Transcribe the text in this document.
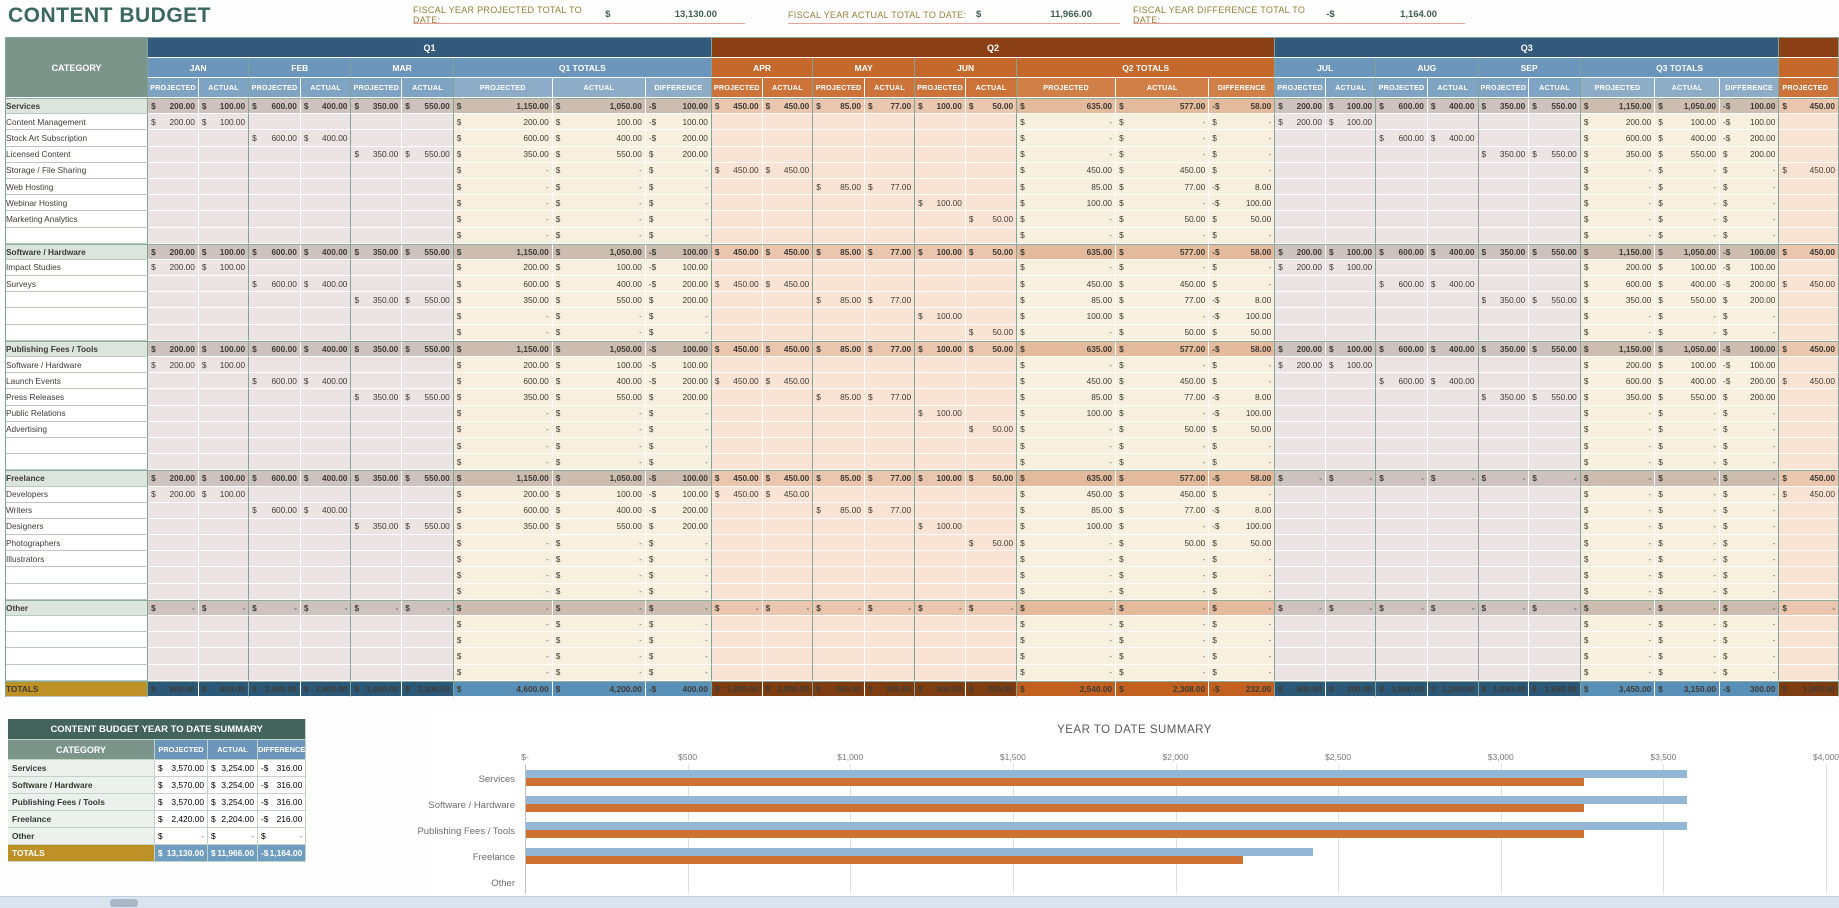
CONTENT BUDGET	FISCAL YEAR PROJECTED TOTAL TO DATE:	$	13,130.00	FISCAL YEAR ACTUAL TOTAL TO DATE:	$	11,966.00	FISCAL YEAR DIFFERENCE TOTAL TO DATE:	-$	1,164.00
CATEGORY	Q1									Q2									Q3									
	JAN		FEB		MAR		Q1 TOTALS			APR		MAY		JUN		Q2 TOTALS			JUL		AUG		SEP		Q3 TOTALS			
	PROJECTED	ACTUAL	PROJECTED	ACTUAL	PROJECTED	ACTUAL	PROJECTED	ACTUAL	DIFFERENCE	PROJECTED	ACTUAL	PROJECTED	ACTUAL	PROJECTED	ACTUAL	PROJECTED	ACTUAL	DIFFERENCE	PROJECTED	ACTUAL	PROJECTED	ACTUAL	PROJECTED	ACTUAL	PROJECTED	ACTUAL	DIFFERENCE	PROJECTED
Services	$ 200.00	$ 100.00	$ 600.00	$ 400.00	$ 350.00	$ 550.00	$ 1,150.00	$ 1,050.00	-$ 100.00	$ 450.00	$ 450.00	$ 85.00	$ 77.00	$ 100.00	$ 50.00	$ 635.00	$ 577.00	-$ 58.00	$ 200.00	$ 100.00	$ 600.00	$ 400.00	$ 350.00	$ 550.00	$ 1,150.00	$ 1,050.00	-$ 100.00	$ 450.00

Content Management	$ 200.00	$ 100.00					$ 200.00	$ 100.00	-$ 100.00							$ -	$ -	$ -	$ 200.00	$ 100.00					$ 200.00	$ 100.00	-$ 100.00	

Stock Art Subscription			$ 600.00	$ 400.00			$ 600.00	$ 400.00	-$ 200.00							$ -	$ -	$ -			$ 600.00	$ 400.00			$ 600.00	$ 400.00	-$ 200.00	

Licensed Content					$ 350.00	$ 550.00	$ 350.00	$ 550.00	$ 200.00							$ -	$ -	$ -					$ 350.00	$ 550.00	$ 350.00	$ 550.00	$ 200.00	

Storage / File Sharing							$ -	$ -	$ -	$ 450.00	$ 450.00					$ 450.00	$ 450.00	$ -							$ -	$ -	$ -	$ 450.00

Web Hosting							$ -	$ -	$ -			$ 85.00	$ 77.00			$ 85.00	$ 77.00	-$ 8.00							$ -	$ -	$ -	

Webinar Hosting							$ -	$ -	$ -					$ 100.00		$ 100.00	$ -	-$ 100.00							$ -	$ -	$ -	

Marketing Analytics							$ -	$ -	$ -						$ 50.00	$ -	$ 50.00	$ 50.00							$ -	$ -	$ -	

							$ -	$ -	$ -							$ -	$ -	$ -							$ -	$ -	$ -	

Software / Hardware	$ 200.00	$ 100.00	$ 600.00	$ 400.00	$ 350.00	$ 550.00	$ 1,150.00	$ 1,050.00	-$ 100.00	$ 450.00	$ 450.00	$ 85.00	$ 77.00	$ 100.00	$ 50.00	$ 635.00	$ 577.00	-$ 58.00	$ 200.00	$ 100.00	$ 600.00	$ 400.00	$ 350.00	$ 550.00	$ 1,150.00	$ 1,050.00	-$ 100.00	$ 450.00

Impact Studies	$ 200.00	$ 100.00					$ 200.00	$ 100.00	-$ 100.00							$ -	$ -	$ -	$ 200.00	$ 100.00					$ 200.00	$ 100.00	-$ 100.00	

Surveys			$ 600.00	$ 400.00			$ 600.00	$ 400.00	-$ 200.00	$ 450.00	$ 450.00					$ 450.00	$ 450.00	$ -			$ 600.00	$ 400.00			$ 600.00	$ 400.00	-$ 200.00	$ 450.00

					$ 350.00	$ 550.00	$ 350.00	$ 550.00	$ 200.00			$ 85.00	$ 77.00			$ 85.00	$ 77.00	-$ 8.00					$ 350.00	$ 550.00	$ 350.00	$ 550.00	$ 200.00	

							$ -	$ -	$ -					$ 100.00		$ 100.00	$ -	-$ 100.00							$ -	$ -	$ -	

							$ -	$ -	$ -						$ 50.00	$ -	$ 50.00	$ 50.00							$ -	$ -	$ -	

Publishing Fees / Tools	$ 200.00	$ 100.00	$ 600.00	$ 400.00	$ 350.00	$ 550.00	$ 1,150.00	$ 1,050.00	-$ 100.00	$ 450.00	$ 450.00	$ 85.00	$ 77.00	$ 100.00	$ 50.00	$ 635.00	$ 577.00	-$ 58.00	$ 200.00	$ 100.00	$ 600.00	$ 400.00	$ 350.00	$ 550.00	$ 1,150.00	$ 1,050.00	-$ 100.00	$ 450.00

Software / Hardware	$ 200.00	$ 100.00					$ 200.00	$ 100.00	-$ 100.00							$ -	$ -	$ -	$ 200.00	$ 100.00					$ 200.00	$ 100.00	-$ 100.00	

Launch Events			$ 600.00	$ 400.00			$ 600.00	$ 400.00	-$ 200.00	$ 450.00	$ 450.00					$ 450.00	$ 450.00	$ -			$ 600.00	$ 400.00			$ 600.00	$ 400.00	-$ 200.00	$ 450.00

Press Releases					$ 350.00	$ 550.00	$ 350.00	$ 550.00	$ 200.00			$ 85.00	$ 77.00			$ 85.00	$ 77.00	-$ 8.00					$ 350.00	$ 550.00	$ 350.00	$ 550.00	$ 200.00	

Public Relations							$ -	$ -	$ -					$ 100.00		$ 100.00	$ -	-$ 100.00							$ -	$ -	$ -	

Advertising							$ -	$ -	$ -						$ 50.00	$ -	$ 50.00	$ 50.00							$ -	$ -	$ -	

							$ -	$ -	$ -							$ -	$ -	$ -							$ -	$ -	$ -	

							$ -	$ -	$ -							$ -	$ -	$ -							$ -	$ -	$ -	

Freelance	$ 200.00	$ 100.00	$ 600.00	$ 400.00	$ 350.00	$ 550.00	$ 1,150.00	$ 1,050.00	-$ 100.00	$ 450.00	$ 450.00	$ 85.00	$ 77.00	$ 100.00	$ 50.00	$ 635.00	$ 577.00	-$ 58.00	$ -	$ -	$ -	$ -	$ -	$ -	$ -	$ -	$ -	$ 450.00

Developers	$ 200.00	$ 100.00					$ 200.00	$ 100.00	-$ 100.00	$ 450.00	$ 450.00					$ 450.00	$ 450.00	$ -							$ -	$ -	$ -	$ 450.00

Writers			$ 600.00	$ 400.00			$ 600.00	$ 400.00	-$ 200.00			$ 85.00	$ 77.00			$ 85.00	$ 77.00	-$ 8.00							$ -	$ -	$ -	

Designers					$ 350.00	$ 550.00	$ 350.00	$ 550.00	$ 200.00					$ 100.00		$ 100.00	$ -	-$ 100.00							$ -	$ -	$ -	

Photographers							$ -	$ -	$ -						$ 50.00	$ -	$ 50.00	$ 50.00							$ -	$ -	$ -	

Illustrators							$ -	$ -	$ -							$ -	$ -	$ -							$ -	$ -	$ -	

							$ -	$ -	$ -							$ -	$ -	$ -							$ -	$ -	$ -	

							$ -	$ -	$ -							$ -	$ -	$ -							$ -	$ -	$ -	

Other	$ -	$ -	$ -	$ -	$ -	$ -	$ -	$ -	$ -	$ -	$ -	$ -	$ -	$ -	$ -	$ -	$ -	$ -	$ -	$ -	$ -	$ -	$ -	$ -	$ -	$ -	$ -	$ -

							$ -	$ -	$ -							$ -	$ -	$ -							$ -	$ -	$ -	

							$ -	$ -	$ -							$ -	$ -	$ -							$ -	$ -	$ -	

							$ -	$ -	$ -							$ -	$ -	$ -							$ -	$ -	$ -	

							$ -	$ -	$ -							$ -	$ -	$ -							$ -	$ -	$ -	

TOTALS	$ 800.00	$ 400.00	$ 2,400.00	$ 1,600.00	$ 1,400.00	$ 2,200.00	$ 4,600.00	$ 4,200.00	-$ 400.00	$ 1,800.00	$ 1,800.00	$ 340.00	$ 308.00	$ 400.00	$ 200.00	$ 2,540.00	$ 2,308.00	-$ 232.00	$ 600.00	$ 300.00	$ 1,800.00	$ 1,200.00	$ 1,050.00	$ 1,650.00	$ 3,450.00	$ 3,150.00	-$ 300.00	$ 1,800.00
CONTENT BUDGET YEAR TO DATE SUMMARY			
CATEGORY	PROJECTED	ACTUAL	DIFFERENCE
Services	$ 3,570.00	$ 3,254.00	-$ 316.00

Software / Hardware	$ 3,570.00	$ 3,254.00	-$ 316.00

Publishing Fees / Tools	$ 3,570.00	$ 3,254.00	-$ 316.00

Freelance	$ 2,420.00	$ 2,204.00	-$ 216.00

Other	$ -	$ -	$ -

TOTALS	$ 13,130.00	$ 11,966.00	-$ 1,164.00
YEAR TO DATE SUMMARY
$-	$500	$1,000	$1,500	$2,000	$2,500	$3,000	$3,500	$4,000
Services
Software / Hardware
Publishing Fees / Tools
Freelance
Other
